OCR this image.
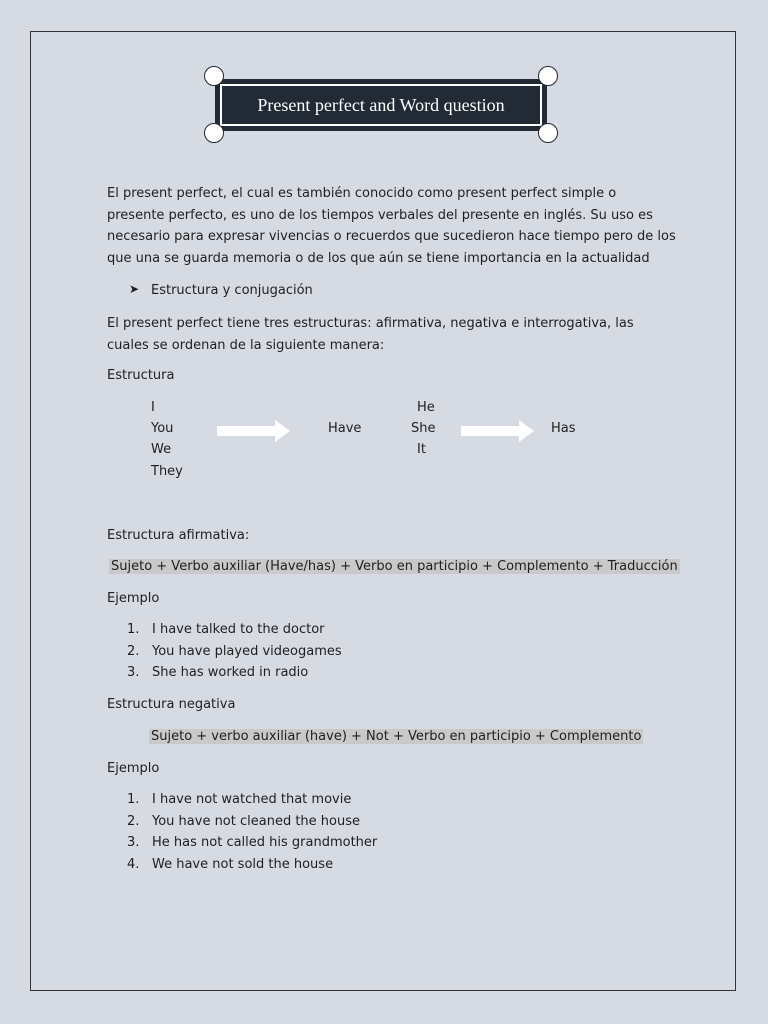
Present perfect and Word question
El present perfect, el cual es también conocido como present perfect simple o presente perfecto, es uno de los tiempos verbales del presente en inglés. Su uso es necesario para expresar vivencias o recuerdos que sucedieron hace tiempo pero de los que una se guarda memoria o de los que aún se tiene importancia en la actualidad
➤ Estructura y conjugación
El present perfect tiene tres estructuras: afirmativa, negativa e interrogativa, las cuales se ordenan de la siguiente manera:
Estructura
I
You
We
They
Have
He
She
It
Has
Estructura afirmativa:
Sujeto + Verbo auxiliar (Have/has) + Verbo en participio + Complemento + Traducción
Ejemplo
1. I have talked to the doctor
2. You have played videogames
3. She has worked in radio
Estructura negativa
Sujeto + verbo auxiliar (have) + Not + Verbo en participio + Complemento
Ejemplo
1. I have not watched that movie
2. You have not cleaned the house
3. He has not called his grandmother
4. We have not sold the house
